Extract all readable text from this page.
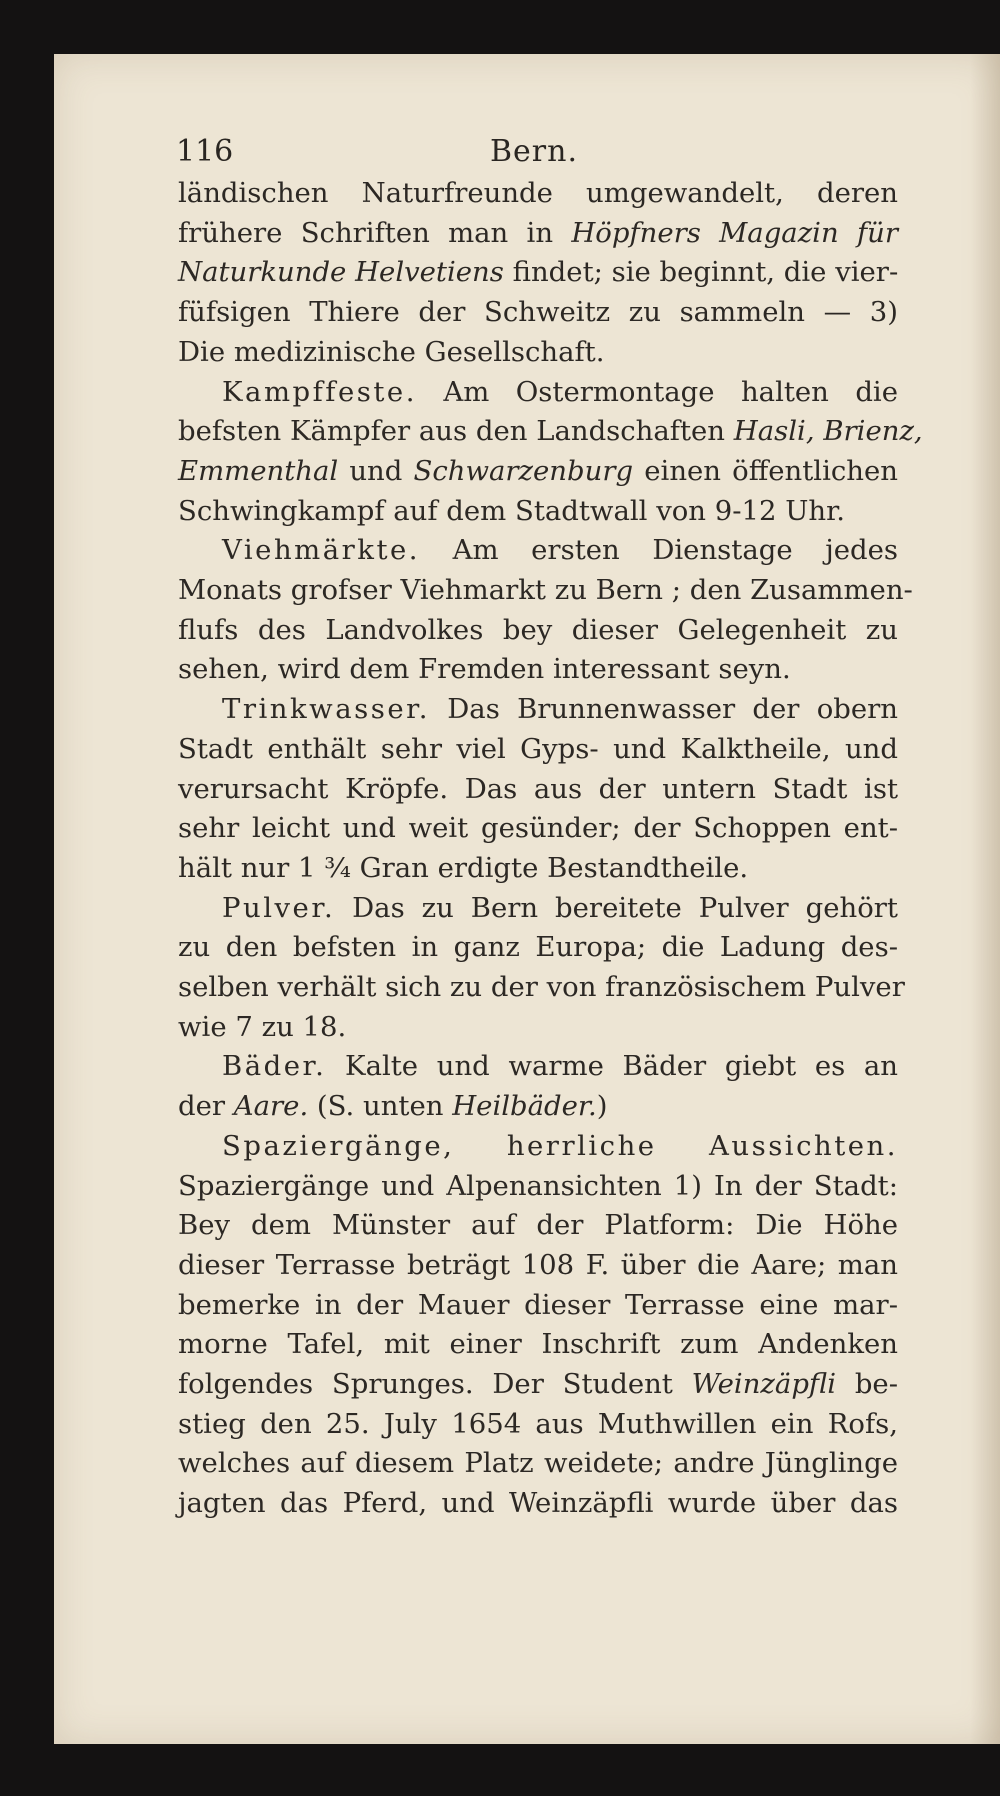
116	Bern.
ländischen Naturfreunde umgewandelt, deren
frühere Schriften man in Höpfners Magazin für
Naturkunde Helvetiens findet; sie beginnt, die vier-
füfsigen Thiere der Schweitz zu sammeln — 3)
Die medizinische Gesellschaft.
Kampffeste. Am Ostermontage halten die
befsten Kämpfer aus den Landschaften Hasli, Brienz,
Emmenthal und Schwarzenburg einen öffentlichen
Schwingkampf auf dem Stadtwall von 9-12 Uhr.
Viehmärkte. Am ersten Dienstage jedes
Monats grofser Viehmarkt zu Bern ; den Zusammen-
flufs des Landvolkes bey dieser Gelegenheit zu
sehen, wird dem Fremden interessant seyn.
Trinkwasser. Das Brunnenwasser der obern
Stadt enthält sehr viel Gyps- und Kalktheile, und
verursacht Kröpfe. Das aus der untern Stadt ist
sehr leicht und weit gesünder; der Schoppen ent-
hält nur 1 ¾ Gran erdigte Bestandtheile.
Pulver. Das zu Bern bereitete Pulver gehört
zu den befsten in ganz Europa; die Ladung des-
selben verhält sich zu der von französischem Pulver
wie 7 zu 18.
Bäder. Kalte und warme Bäder giebt es an
der Aare. (S. unten Heilbäder.)
Spaziergänge, herrliche Aussichten.
Spaziergänge und Alpenansichten 1) In der Stadt:
Bey dem Münster auf der Platform: Die Höhe
dieser Terrasse beträgt 108 F. über die Aare; man
bemerke in der Mauer dieser Terrasse eine mar-
morne Tafel, mit einer Inschrift zum Andenken
folgendes Sprunges. Der Student Weinzäpfli be-
stieg den 25. July 1654 aus Muthwillen ein Rofs,
welches auf diesem Platz weidete; andre Jünglinge
jagten das Pferd, und Weinzäpfli wurde über das
